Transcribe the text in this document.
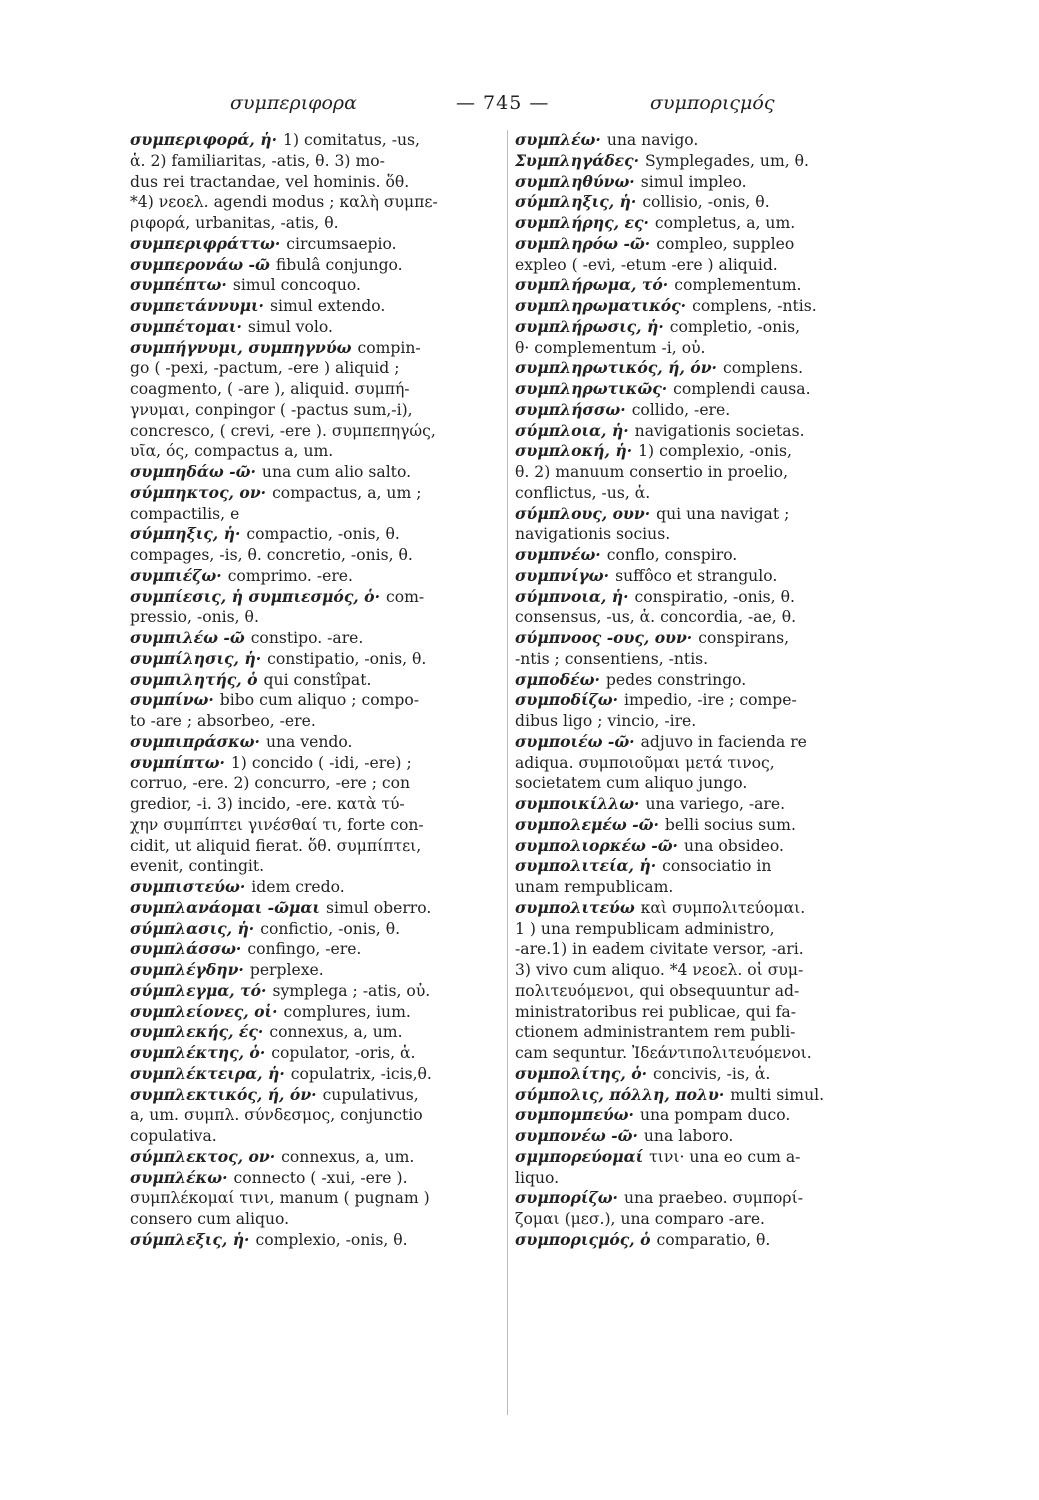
συμπεριφορα	— 745 —	συμποριςμός
συμπεριφορά, ἡ· 1) comitatus, -us,
ἁ. 2) familiaritas, -atis, θ. 3) mo-
dus rei tractandae, vel hominis. ὅθ.
*4) νεοελ. agendi modus ; καλὴ συμπε-
ριφορά, urbanitas, -atis, θ.
συμπεριφράττω· circumsaepio.
συμπερονάω -ῶ fibulâ conjungo.
συμπέπτω· simul concoquo.
συμπετάννυμι· simul extendo.
συμπέτομαι· simul volo.
συμπήγνυμι, συμπηγνύω compin-
go ( -pexi, -pactum, -ere ) aliquid ;
coagmento, ( -are ), aliquid. συμπή-
γνυμαι, conpingor ( -pactus sum,-i),
concresco, ( crevi, -ere ). συμπεπηγώς,
υῖα, ός, compactus a, um.
συμπηδάω -ῶ· una cum alio salto.
σύμπηκτος, ον· compactus, a, um ;
compactilis, e
σύμπηξις, ἡ· compactio, -onis, θ.
compages, -is, θ. concretio, -onis, θ.
συμπιέζω· comprimo. -ere.
συμπίεσις, ἡ συμπιεσμός, ὁ· com-
pressio, -onis, θ.
συμπιλέω -ῶ constipo. -are.
συμπίλησις, ἡ· constipatio, -onis, θ.
συμπιλητής, ὁ qui constîpat.
συμπίνω· bibo cum aliquo ; compo-
to -are ; absorbeo, -ere.
συμπιπράσκω· una vendo.
συμπίπτω· 1) concido ( -idi, -ere) ;
corruo, -ere. 2) concurro, -ere ; con
gredior, -i. 3) incido, -ere. κατὰ τύ-
χην συμπίπτει γινέσθαί τι, forte con-
cidit, ut aliquid fierat. ὅθ. συμπίπτει,
evenit, contingit.
συμπιστεύω· idem credo.
συμπλανάομαι -ῶμαι simul oberro.
σύμπλασις, ἡ· confictio, -onis, θ.
συμπλάσσω· confingo, -ere.
συμπλέγδην· perplexe.
σύμπλεγμα, τό· symplega ; -atis, οὐ.
συμπλείονες, οἱ· complures, ium.
συμπλεκής, ές· connexus, a, um.
συμπλέκτης, ὁ· copulator, -oris, ἁ.
συμπλέκτειρα, ἡ· copulatrix, -icis,θ.
συμπλεκτικός, ή, όν· cupulativus,
a, um. συμπλ. σύνδεσμος, conjunctio
copulativa.
σύμπλεκτος, ον· connexus, a, um.
συμπλέκω· connecto ( -xui, -ere ).
συμπλέκομαί τινι, manum ( pugnam )
consero cum aliquo.
σύμπλεξις, ἡ· complexio, -onis, θ.
συμπλέω· una navigo.
Συμπληγάδες· Symplegades, um, θ.
συμπληθύνω· simul impleo.
σύμπληξις, ἡ· collisio, -onis, θ.
συμπλήρης, ες· completus, a, um.
συμπληρόω -ῶ· compleo, suppleo
expleo ( -evi, -etum -ere ) aliquid.
συμπλήρωμα, τό· complementum.
συμπληρωματικός· complens, -ntis.
συμπλήρωσις, ἡ· completio, -onis,
θ· complementum -i, οὐ.
συμπληρωτικός, ή, όν· complens.
συμπληρωτικῶς· complendi causa.
συμπλήσσω· collido, -ere.
σύμπλοια, ἡ· navigationis societas.
συμπλοκή, ἡ· 1) complexio, -onis,
θ. 2) manuum consertio in proelio,
conflictus, -us, ἁ.
σύμπλους, ουν· qui una navigat ;
navigationis socius.
συμπνέω· conflo, conspiro.
συμπνίγω· suffôco et strangulo.
σύμπνοια, ἡ· conspiratio, -onis, θ.
consensus, -us, ἁ. concordia, -ae, θ.
σύμπνοος -ους, ουν· conspirans,
-ntis ; consentiens, -ntis.
σμποδέω· pedes constringo.
συμποδίζω· impedio, -ire ; compe-
dibus ligo ; vincio, -ire.
συμποιέω -ῶ· adjuvo in facienda re
adiqua. συμποιοῦμαι μετά τινος,
societatem cum aliquo jungo.
συμποικίλλω· una variego, -are.
συμπολεμέω -ῶ· belli socius sum.
συμπολιορκέω -ῶ· una obsideo.
συμπολιτεία, ἡ· consociatio in
unam rempublicam.
συμπολιτεύω καὶ συμπολιτεύομαι.
1 ) una rempublicam administro,
-are.1) in eadem civitate versor, -ari.
3) vivo cum aliquo. *4 νεοελ. οἱ συμ-
πολιτευόμενοι, qui obsequuntur ad-
ministratoribus rei publicae, qui fa-
ctionem administrantem rem publi-
cam sequntur. Ἰδεάντιπολιτευόμενοι.
συμπολίτης, ὁ· concivis, -is, ἁ.
σύμπολις, πόλλη, πολυ· multi simul.
συμπομπεύω· una pompam duco.
συμπονέω -ῶ· una laboro.
σμμπορεύομαί τινι· una eo cum a-
liquo.
συμπορίζω· una praebeo. συμπορί-
ζομαι (μεσ.), una comparo -are.
συμποριςμός, ὁ comparatio, θ.
